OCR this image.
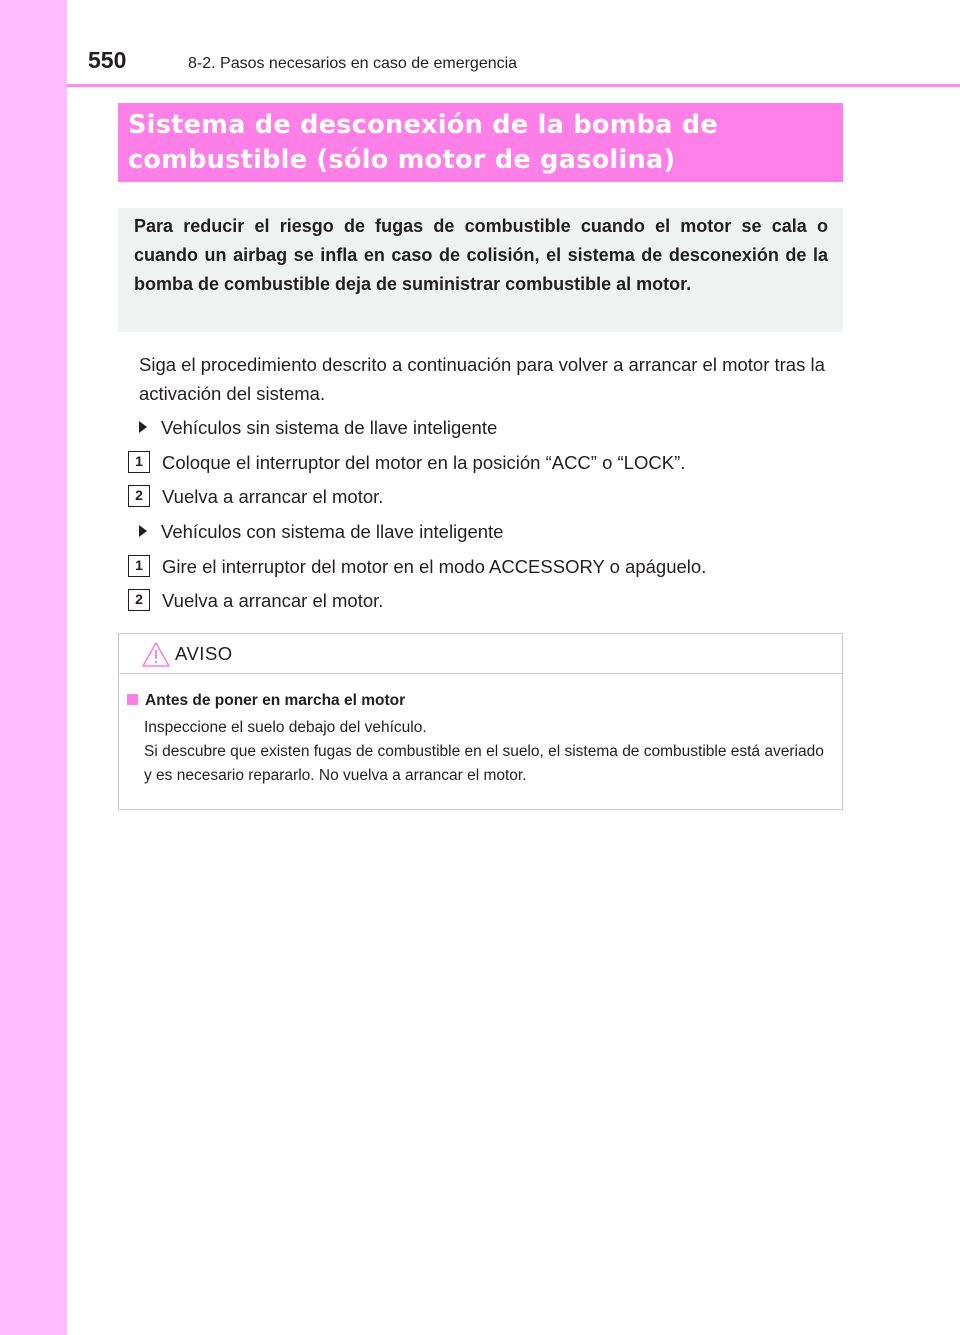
550	8-2. Pasos necesarios en caso de emergencia
Sistema de desconexión de la bomba de combustible (sólo motor de gasolina)
Para reducir el riesgo de fugas de combustible cuando el motor se cala o cuando un airbag se infla en caso de colisión, el sistema de desconexión de la bomba de combustible deja de suministrar combustible al motor.
Siga el procedimiento descrito a continuación para volver a arrancar el motor tras la activación del sistema.
Vehículos sin sistema de llave inteligente
1	Coloque el interruptor del motor en la posición “ACC” o “LOCK”.
2	Vuelva a arrancar el motor.
Vehículos con sistema de llave inteligente
1	Gire el interruptor del motor en el modo ACCESSORY o apáguelo.
2	Vuelva a arrancar el motor.
AVISO
Antes de poner en marcha el motor
Inspeccione el suelo debajo del vehículo.
Si descubre que existen fugas de combustible en el suelo, el sistema de combustible está averiado y es necesario repararlo. No vuelva a arrancar el motor.
